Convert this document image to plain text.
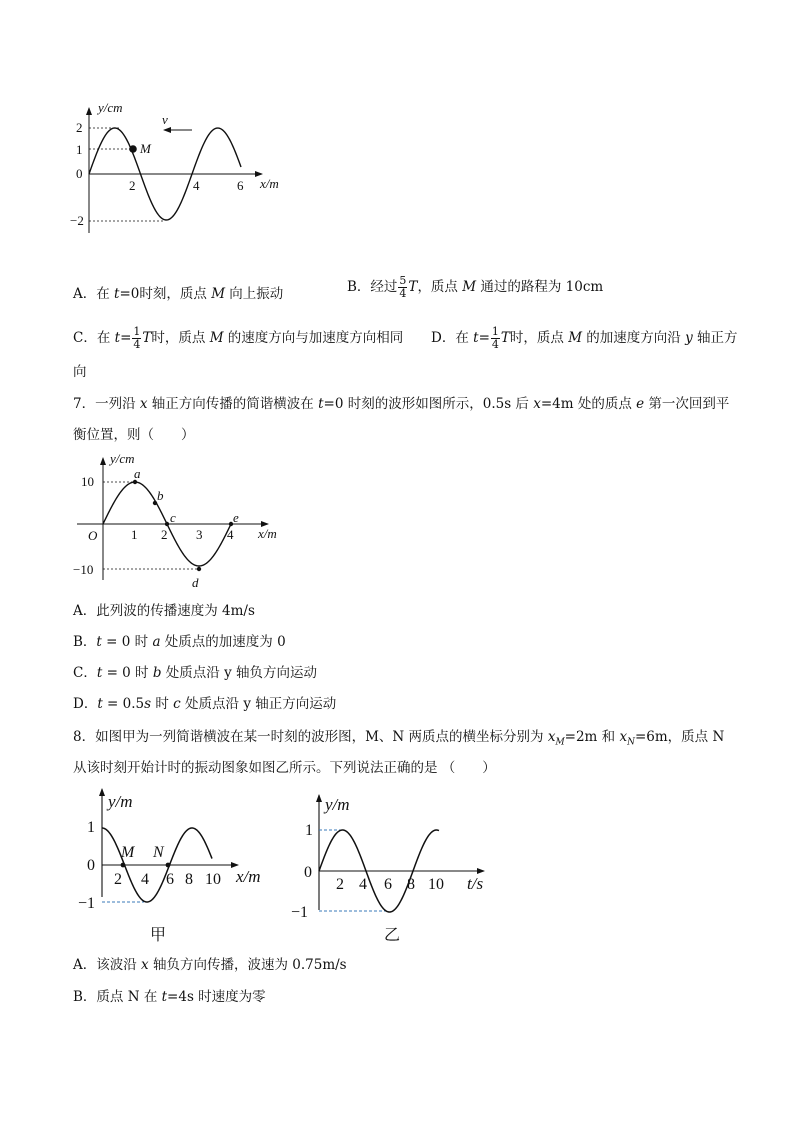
y/cm
x/m
v
2
1
0
−2
2	4	6
M
A．在 t=0时刻，质点 M 向上振动	B．经过 $\frac{5}{4}$ T，质点 M 通过的路程为 10cm
C．在 $t= \frac{1}{4}$ T时，质点 M 的速度方向与加速度方向相同 D．在 $t= \frac{1}{4}$ T时，质点 M 的加速度方向沿 y 轴正方
向
7．一列沿 x 轴正方向传播的简谐横波在 t=0 时刻的波形如图所示，0.5s 后 x=4m 处的质点 e 第一次回到平
衡位置，则（　　）
y/cm
x/m
O
10
−10
1 2 3 4
a
b
c
d
e
A．此列波的传播速度为 4m/s
B．t = 0 时 a 处质点的加速度为 0
C．t = 0 时 b 处质点沿 y 轴负方向运动
D．t = 0.5s 时 c 处质点沿 y 轴正方向运动
8．如图甲为一列简谐横波在某一时刻的波形图，M、N 两质点的横坐标分别为 $x_M=2m$ 和 $x_N=6m$，质点 N
从该时刻开始计时的振动图象如图乙所示。下列说法正确的是 （　　）
y/m
x/m
1
0
−1
2 4 6 8 10
M N
甲
y/m
t/s
1
0
−1
2 4 6 8 10
乙
A．该波沿 x 轴负方向传播，波速为 0.75m/s
B．质点 N 在 t=4s 时速度为零
